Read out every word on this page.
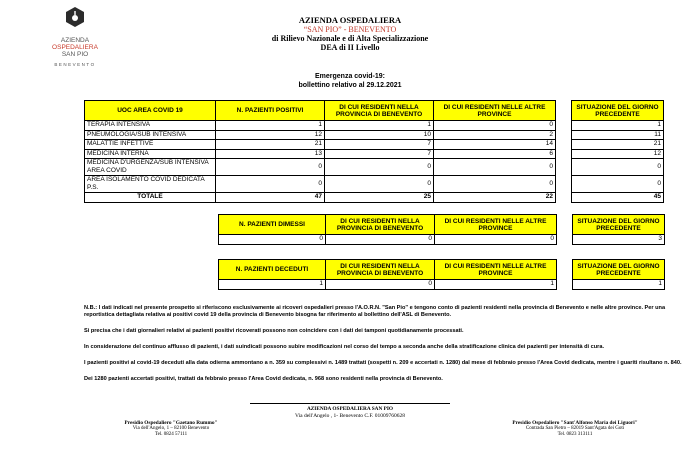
AZIENDA
OSPEDALIERA
SAN PIO
BENEVENTO
AZIENDA OSPEDALIERA
“SAN PIO” - BENEVENTO
di Rilievo Nazionale e di Alta Specializzazione
DEA di II Livello
Emergenza covid-19:
bollettino relativo al 29.12.2021
UOC AREA COVID 19	N. PAZIENTI POSITIVI	DI CUI RESIDENTI NELLA PROVINCIA DI BENEVENTO	DI CUI RESIDENTI NELLE ALTRE PROVINCE		SITUAZIONE DEL GIORNO PRECEDENTE
TERAPIA INTENSIVA	1	1	0		1
PNEUMOLOGIA/SUB INTENSIVA	12	10	2		11
MALATTIE INFETTIVE	21	7	14		21
MEDICINA INTERNA	13	7	6		12
MEDICINA D'URGENZA/SUB INTENSIVA AREA COVID	0	0	0		0
AREA ISOLAMENTO COVID DEDICATA P.S.	0	0	0		0
TOTALE	47	25	22		45
N. PAZIENTI DIMESSI	DI CUI RESIDENTI NELLA PROVINCIA DI BENEVENTO	DI CUI RESIDENTI NELLE ALTRE PROVINCE		SITUAZIONE DEL GIORNO PRECEDENTE
0	0	0		3
N. PAZIENTI DECEDUTI	DI CUI RESIDENTI NELLA PROVINCIA DI BENEVENTO	DI CUI RESIDENTI NELLE ALTRE PROVINCE		SITUAZIONE DEL GIORNO PRECEDENTE
1	0	1		1

N.B.: I dati indicati nel presente prospetto si riferiscono esclusivamente ai ricoveri ospedalieri presso l'A.O.R.N. "San Pio" e tengono conto di pazienti residenti nella provincia di Benevento e nelle altre province. Per una reportistica dettagliata relativa ai positivi covid 19 della provincia di Benevento bisogna far riferimento al bollettino dell'ASL di Benevento.

Si precisa che i dati giornalieri relativi ai pazienti positivi ricoverati possono non coincidere con i dati dei tamponi quotidianamente processati.

In considerazione del continuo afflusso di pazienti, i dati suindicati possono subire modificazioni nel corso del tempo a seconda anche della stratificazione clinica dei pazienti per intensità di cura.

I pazienti positivi al covid-19 deceduti alla data odierna ammontano a n. 359 su complessivi n. 1489 trattati (sospetti n. 209 e accertati n. 1280) dal mese di febbraio presso l'Area Covid dedicata, mentre i guariti risultano n. 840.

Dei 1280 pazienti accertati positivi, trattati da febbraio presso l'Area Covid dedicata, n. 968 sono residenti nella provincia di Benevento.

AZIENDA OSPEDALIERA SAN PIO
Via dell'Angelo , 1- Benevento C.F. 01009760628
Presidio Ospedaliero "Gaetano Rummo"
Via dell'Angelo, 1 – 82100 Benevento
Tel. 0824 57111
Presidio Ospedaliero "Sant'Alfonso Maria dei Liguori"
Contrada San Pietro – 82019 Sant'Agata dei Goti
Tel. 0823 313111
